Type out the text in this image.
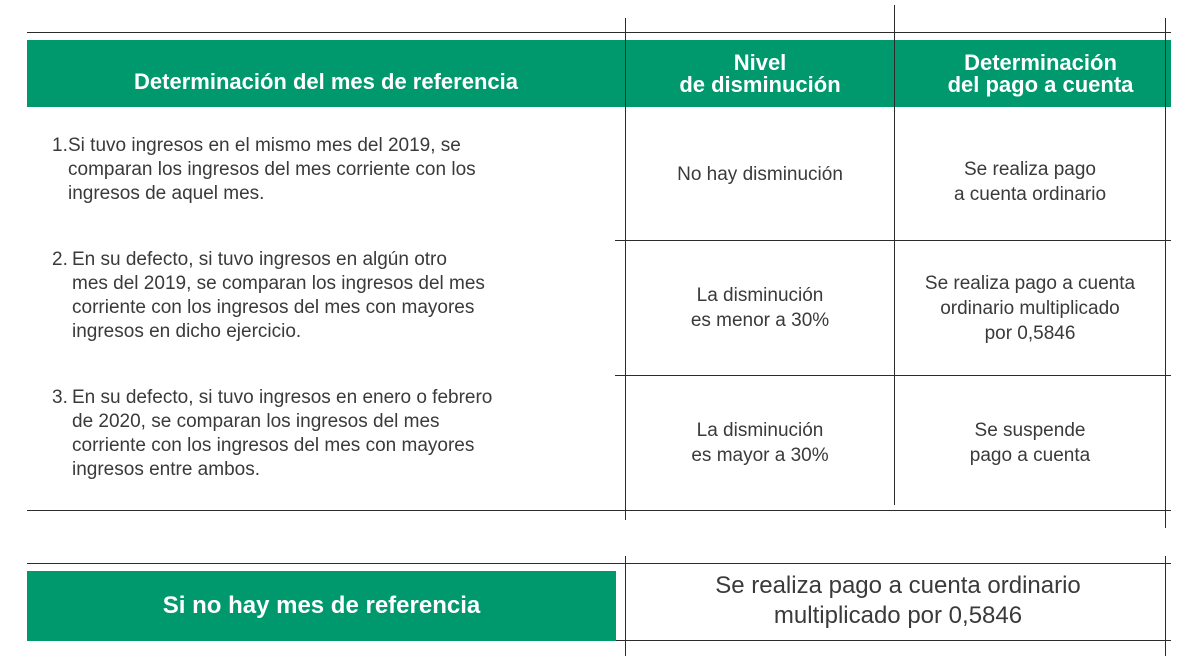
Determinación del mes de referencia
Nivel
de disminución
Determinación
del pago a cuenta
1. Si tuvo ingresos en el mismo mes del 2019, se
comparan los ingresos del mes corriente con los
ingresos de aquel mes.
No hay disminución	Se realiza pago
a cuenta ordinario
2. En su defecto, si tuvo ingresos en algún otro
mes del 2019, se comparan los ingresos del mes
corriente con los ingresos del mes con mayores
ingresos en dicho ejercicio.
La disminución
es menor a 30%
Se realiza pago a cuenta
ordinario multiplicado
por 0,5846
3. En su defecto, si tuvo ingresos en enero o febrero
de 2020, se comparan los ingresos del mes
corriente con los ingresos del mes con mayores
ingresos entre ambos.
La disminución
es mayor a 30%
Se suspende
pago a cuenta
Si no hay mes de referencia
Se realiza pago a cuenta ordinario
multiplicado por 0,5846
